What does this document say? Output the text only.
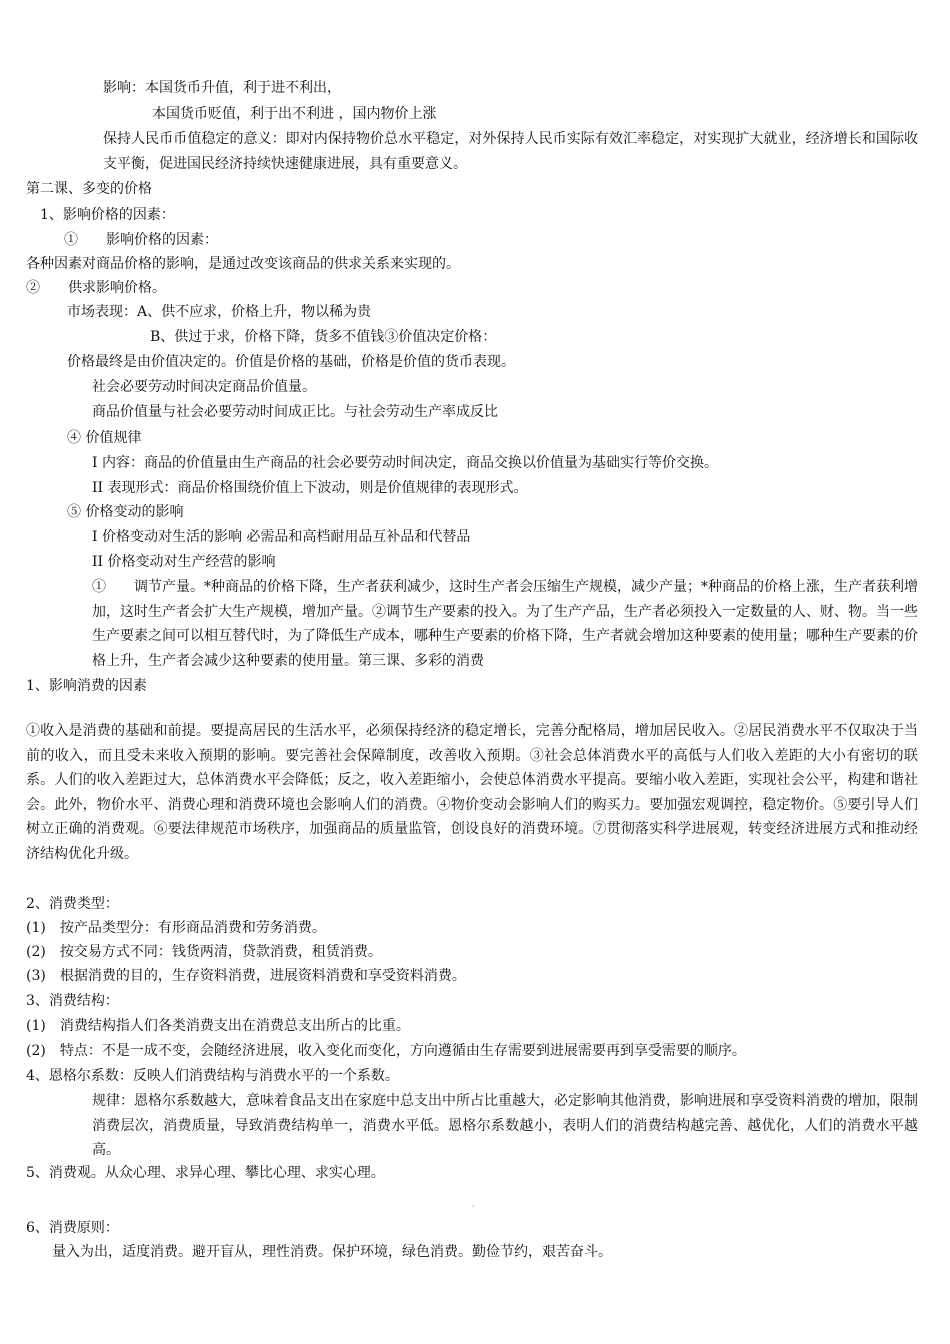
影响：本国货币升值，利于进不利出，
本国货币贬值，利于出不利进 ，国内物价上涨
保持人民币币值稳定的意义：即对内保持物价总水平稳定，对外保持人民币实际有效汇率稳定，对实现扩大就业，经济增长和国际收支平衡，促进国民经济持续快速健康进展，具有重要意义。
第二课、多变的价格
1、影响价格的因素：
①　　影响价格的因素：
各种因素对商品价格的影响，是通过改变该商品的供求关系来实现的。
②　　供求影响价格。
市场表现：A、供不应求，价格上升，物以稀为贵
B、供过于求，价格下降，货多不值钱③价值决定价格：
价格最终是由价值决定的。价值是价格的基础，价格是价值的货币表现。
社会必要劳动时间决定商品价值量。
商品价值量与社会必要劳动时间成正比。与社会劳动生产率成反比
④ 价值规律
I 内容：商品的价值量由生产商品的社会必要劳动时间决定，商品交换以价值量为基础实行等价交换。
II 表现形式：商品价格围绕价值上下波动，则是价值规律的表现形式。
⑤ 价格变动的影响
I 价格变动对生活的影响 必需品和高档耐用品互补品和代替品
II 价格变动对生产经营的影响
①　　调节产量。*种商品的价格下降，生产者获利减少，这时生产者会压缩生产规模，减少产量；*种商品的价格上涨，生产者获利增加，这时生产者会扩大生产规模，增加产量。②调节生产要素的投入。为了生产产品，生产者必须投入一定数量的人、财、物。当一些生产要素之间可以相互替代时，为了降低生产成本，哪种生产要素的价格下降，生产者就会增加这种要素的使用量；哪种生产要素的价格上升，生产者会减少这种要素的使用量。第三课、多彩的消费
1、影响消费的因素
①收入是消费的基础和前提。要提高居民的生活水平，必须保持经济的稳定增长，完善分配格局，增加居民收入。②居民消费水平不仅取决于当前的收入，而且受未来收入预期的影响。要完善社会保障制度，改善收入预期。③社会总体消费水平的高低与人们收入差距的大小有密切的联系。人们的收入差距过大，总体消费水平会降低；反之，收入差距缩小，会使总体消费水平提高。要缩小收入差距，实现社会公平，构建和谐社会。此外，物价水平、消费心理和消费环境也会影响人们的消费。④物价变动会影响人们的购买力。要加强宏观调控，稳定物价。⑤要引导人们树立正确的消费观。⑥要法律规范市场秩序，加强商品的质量监管，创设良好的消费环境。⑦贯彻落实科学进展观，转变经济进展方式和推动经济结构优化升级。
2、消费类型：
(1)　按产品类型分：有形商品消费和劳务消费。
(2)　按交易方式不同：钱货两清，贷款消费，租赁消费。
(3)　根据消费的目的，生存资料消费，进展资料消费和享受资料消费。
3、消费结构：
(1)　消费结构指人们各类消费支出在消费总支出所占的比重。
(2)　特点：不是一成不变，会随经济进展，收入变化而变化，方向遵循由生存需要到进展需要再到享受需要的顺序。
4、恩格尔系数：反映人们消费结构与消费水平的一个系数。
规律：恩格尔系数越大，意味着食品支出在家庭中总支出中所占比重越大，必定影响其他消费，影响进展和享受资料消费的增加，限制消费层次，消费质量，导致消费结构单一，消费水平低。恩格尔系数越小，表明人们的消费结构越完善、越优化，人们的消费水平越高。
5、消费观。从众心理、求异心理、攀比心理、求实心理。
·
6、消费原则：
量入为出，适度消费。避开盲从，理性消费。保护环境，绿色消费。勤俭节约，艰苦奋斗。
